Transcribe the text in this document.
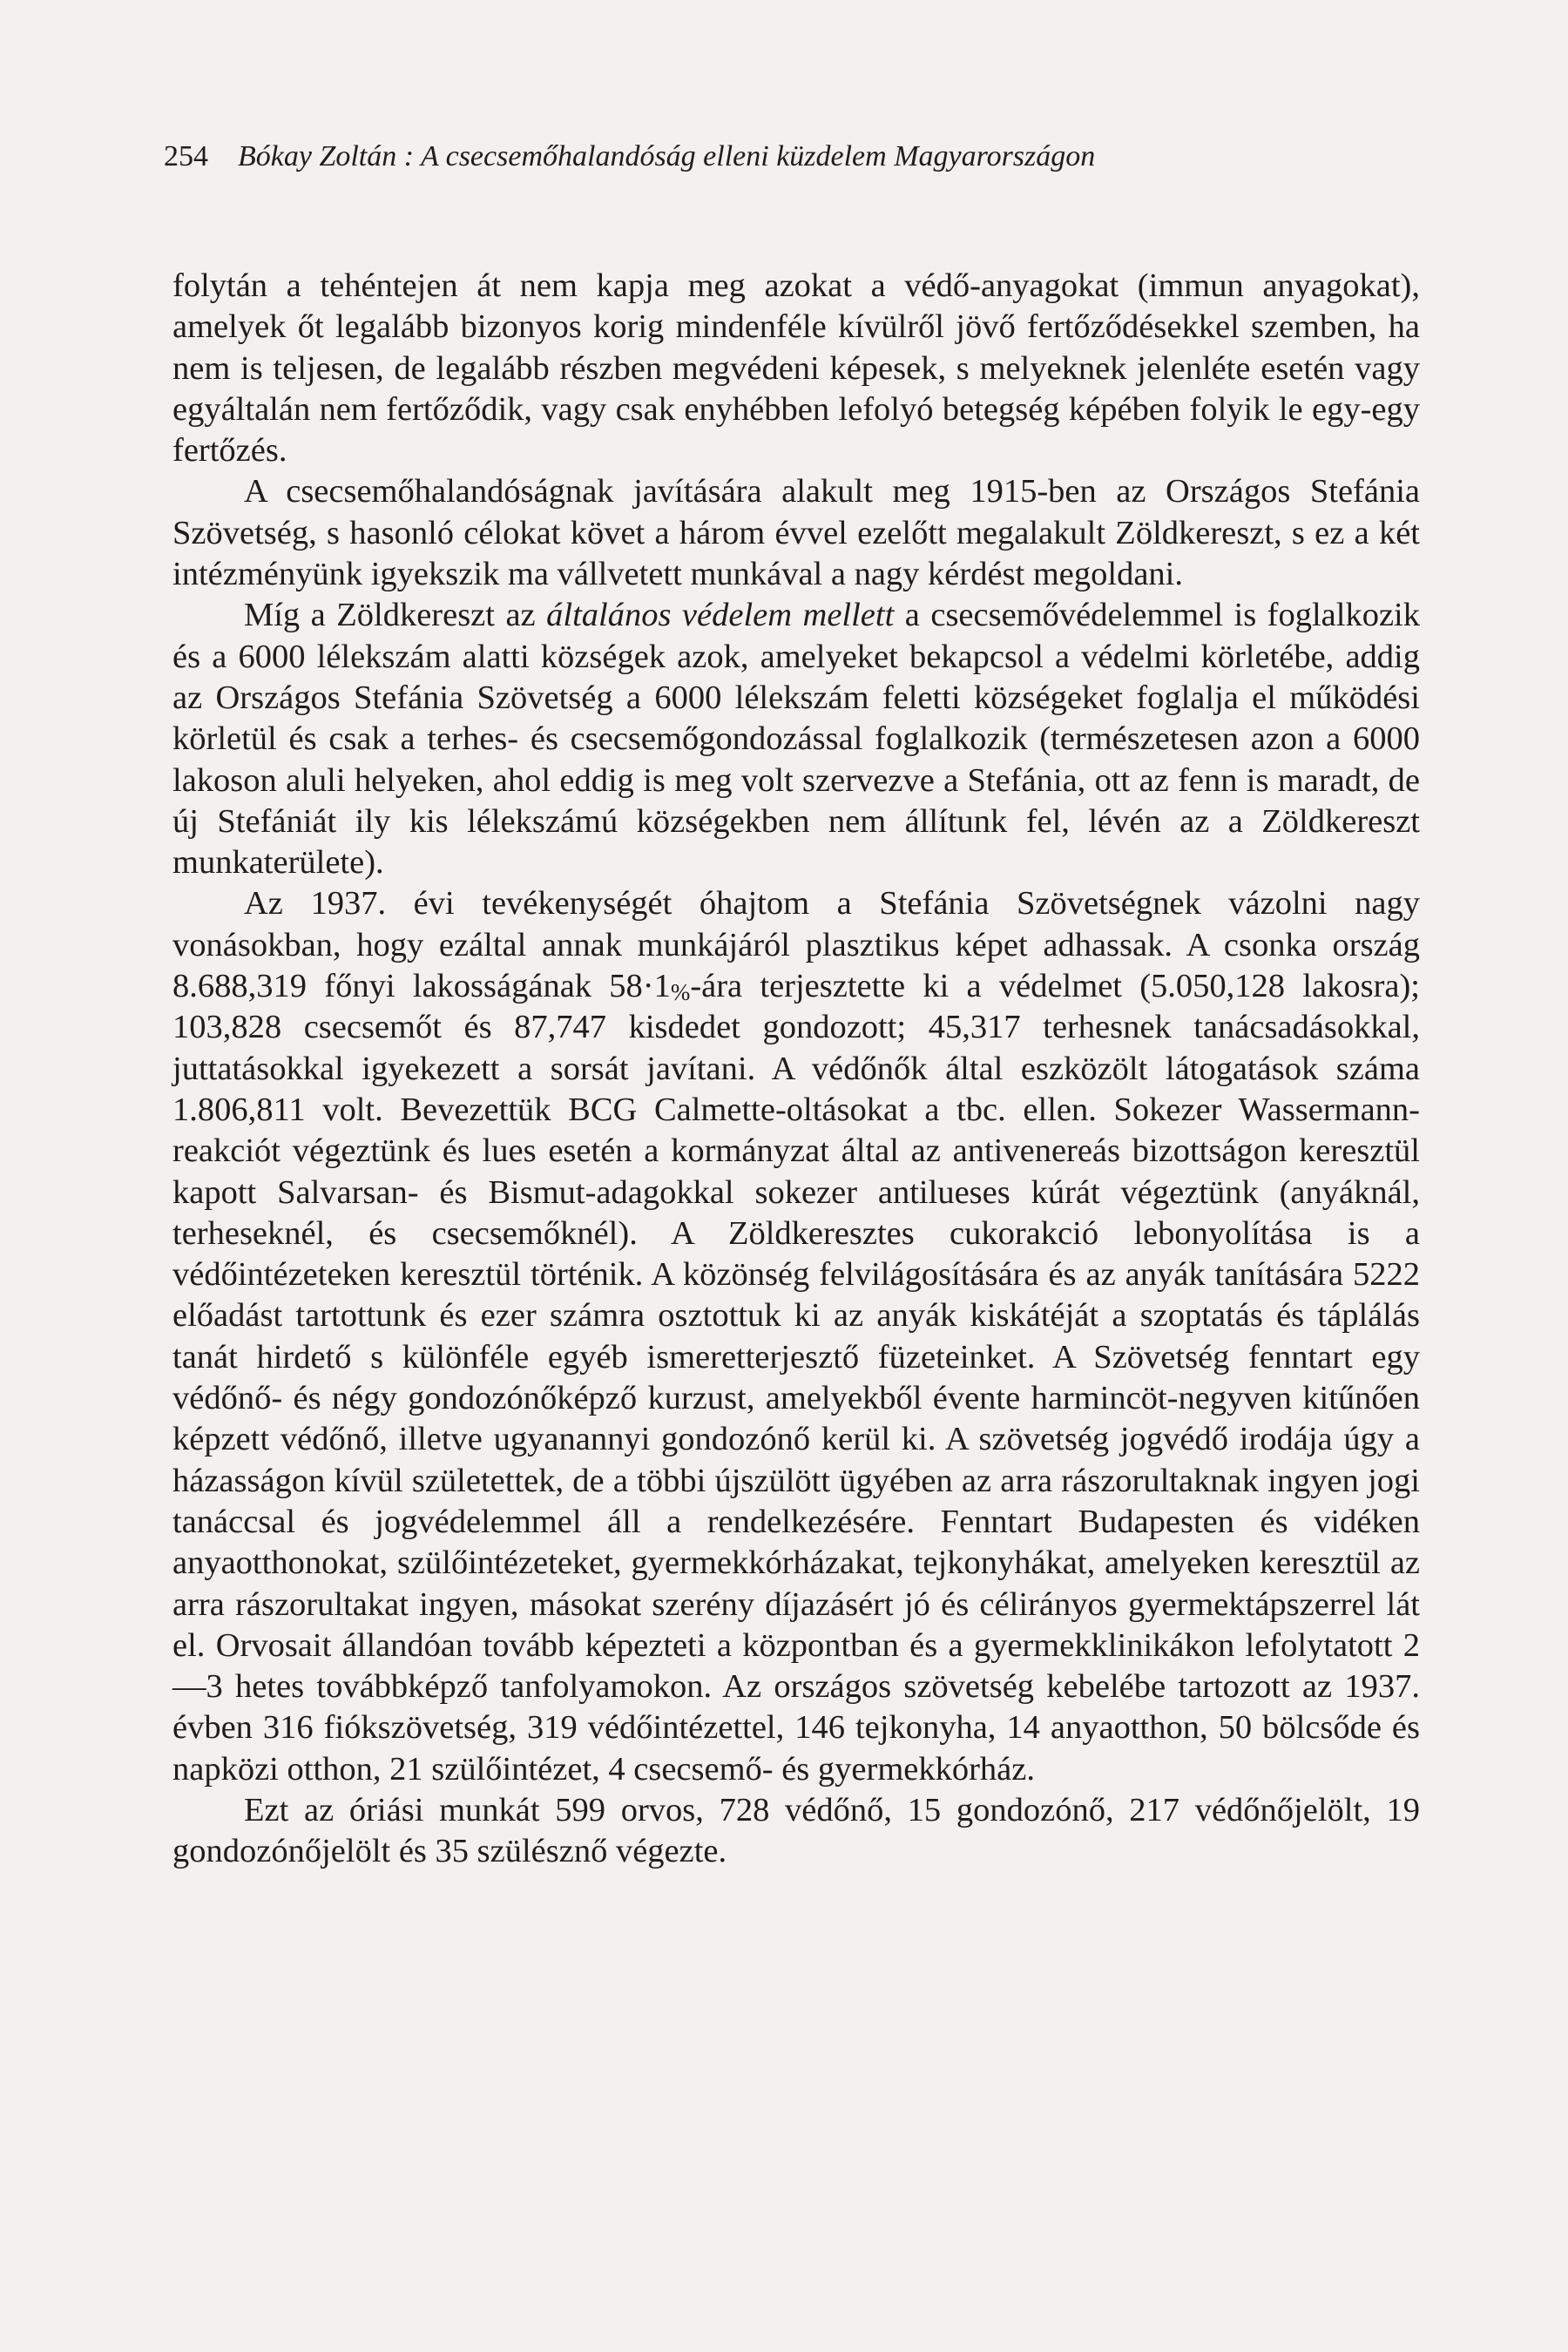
254 Bókay Zoltán : A csecsemőhalandóság elleni küzdelem Magyarországon

folytán a tehéntejen át nem kapja meg azokat a védő-anyagokat (immun anyagokat), amelyek őt legalább bizonyos korig mindenféle kívülről jövő fertőződésekkel szemben, ha nem is teljesen, de legalább részben megvédeni képesek, s melyeknek jelenléte esetén vagy egyáltalán nem fertőződik, vagy csak enyhébben lefolyó betegség képében folyik le egy-egy fertőzés.

A csecsemőhalandóságnak javítására alakult meg 1915-ben az Országos Stefánia Szövetség, s hasonló célokat követ a három évvel ezelőtt megalakult Zöldkereszt, s ez a két intézményünk igyekszik ma vállvetett munkával a nagy kérdést megoldani.

Míg a Zöldkereszt az általános védelem mellett a csecsemővédelemmel is foglalkozik és a 6000 lélekszám alatti községek azok, amelyeket bekapcsol a védelmi körletébe, addig az Országos Stefánia Szövetség a 6000 lélekszám feletti községeket foglalja el működési körletül és csak a terhes- és csecsemőgondozással foglalkozik (természetesen azon a 6000 lakoson aluli helyeken, ahol eddig is meg volt szervezve a Stefánia, ott az fenn is maradt, de új Stefániát ily kis lélekszámú községekben nem állítunk fel, lévén az a Zöldkereszt munkaterülete).

Az 1937. évi tevékenységét óhajtom a Stefánia Szövetségnek vázolni nagy vonásokban, hogy ezáltal annak munkájáról plasztikus képet adhassak. A csonka ország 8.688,319 főnyi lakosságának $58\cdot 1_{\%}$-ára terjesztette ki a védelmet (5.050,128 lakosra); 103,828 csecsemőt és 87,747 kisdedet gondozott; 45,317 terhesnek tanácsadásokkal, juttatásokkal igyekezett a sorsát javítani. A védőnők által eszközölt látogatások száma 1.806,811 volt. Bevezettük BCG Calmette-oltásokat a tbc. ellen. Sokezer Wassermann-reakciót végeztünk és lues esetén a kormányzat által az antivenereás bizottságon keresztül kapott Salvarsan- és Bismut-adagokkal sokezer antilueses kúrát végeztünk (anyáknál, terheseknél, és csecsemőknél). A Zöldkeresztes cukorakció lebonyolítása is a védőintézeteken keresztül történik. A közönség felvilágosítására és az anyák tanítására 5222 előadást tartottunk és ezer számra osztottuk ki az anyák kiskátéját a szoptatás és táplálás tanát hirdető s különféle egyéb ismeretterjesztő füzeteinket. A Szövetség fenntart egy védőnő- és négy gondozónőképző kurzust, amelyekből évente harmincöt-negyven kitűnően képzett védőnő, illetve ugyanannyi gondozónő kerül ki. A szövetség jogvédő irodája úgy a házasságon kívül születettek, de a többi újszülött ügyében az arra rászorultaknak ingyen jogi tanáccsal és jogvédelemmel áll a rendelkezésére. Fenntart Budapesten és vidéken anyaotthonokat, szülőintézeteket, gyermekkórházakat, tejkonyhákat, amelyeken keresztül az arra rászorultakat ingyen, másokat szerény díjazásért jó és célirányos gyermektápszerrel lát el. Orvosait állandóan tovább képezteti a központban és a gyermekklinikákon lefolytatott 2—3 hetes továbbképző tanfolyamokon. Az országos szövetség kebelébe tartozott az 1937. évben 316 fiókszövetség, 319 védőintézettel, 146 tejkonyha, 14 anyaotthon, 50 bölcsőde és napközi otthon, 21 szülőintézet, 4 csecsemő- és gyermekkórház.

Ezt az óriási munkát 599 orvos, 728 védőnő, 15 gondozónő, 217 védőnőjelölt, 19 gondozónőjelölt és 35 szülésznő végezte.
